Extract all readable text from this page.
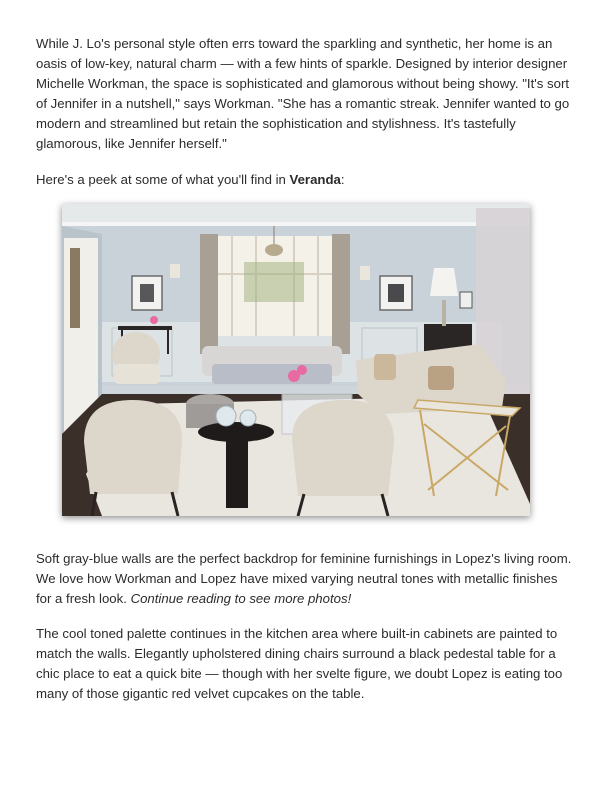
While J. Lo's personal style often errs toward the sparkling and synthetic, her home is an oasis of low-key, natural charm — with a few hints of sparkle. Designed by interior designer Michelle Workman, the space is sophisticated and glamorous without being showy. "It's sort of Jennifer in a nutshell," says Workman. "She has a romantic streak. Jennifer wanted to go modern and streamlined but retain the sophistication and stylishness. It's tastefully glamorous, like Jennifer herself."

Here's a peek at some of what you'll find in Veranda:

Soft gray-blue walls are the perfect backdrop for feminine furnishings in Lopez's living room. We love how Workman and Lopez have mixed varying neutral tones with metallic finishes for a fresh look. Continue reading to see more photos!

The cool toned palette continues in the kitchen area where built-in cabinets are painted to match the walls. Elegantly upholstered dining chairs surround a black pedestal table for a chic place to eat a quick bite — though with her svelte figure, we doubt Lopez is eating too many of those gigantic red velvet cupcakes on the table.
